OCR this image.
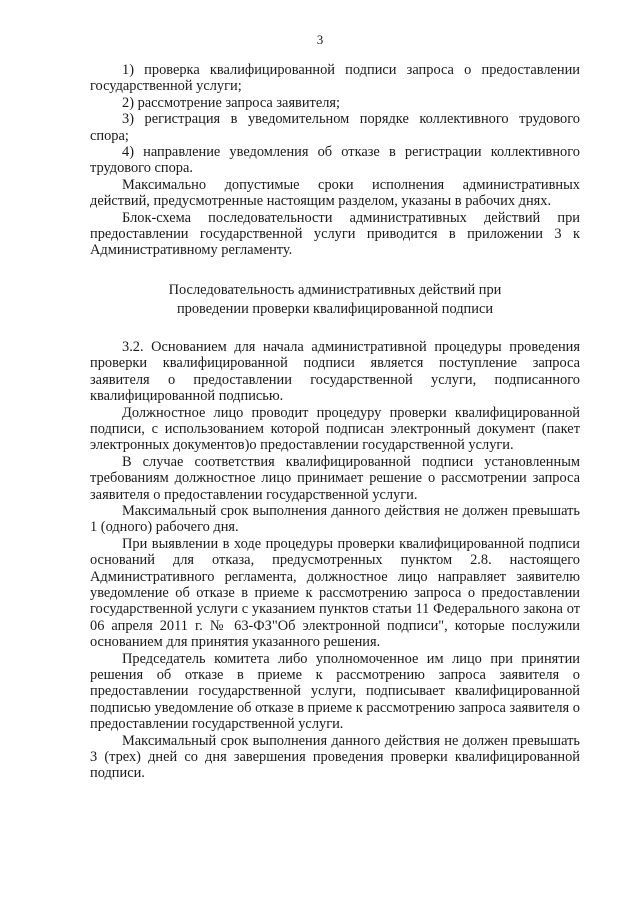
3

1) проверка квалифицированной подписи запроса о предоставлении государственной услуги;

2) рассмотрение запроса заявителя;

3) регистрация в уведомительном порядке коллективного трудового спора;

4) направление уведомления об отказе в регистрации коллективного трудового спора.

Максимально допустимые сроки исполнения административных действий, предусмотренные настоящим разделом, указаны в рабочих днях.

Блок-схема последовательности административных действий при предоставлении государственной услуги приводится в приложении 3 к Административному регламенту.

Последовательность административных действий при
проведении проверки квалифицированной подписи

3.2. Основанием для начала административной процедуры проведения проверки квалифицированной подписи является поступление запроса заявителя о предоставлении государственной услуги, подписанного квалифицированной подписью.

Должностное лицо проводит процедуру проверки квалифицированной подписи, с использованием которой подписан электронный документ (пакет электронных документов)о предоставлении государственной услуги.

В случае соответствия квалифицированной подписи установленным требованиям должностное лицо принимает решение о рассмотрении запроса заявителя о предоставлении государственной услуги.

Максимальный срок выполнения данного действия не должен превышать 1 (одного) рабочего дня.

При выявлении в ходе процедуры проверки квалифицированной подписи оснований для отказа, предусмотренных пунктом 2.8. настоящего Административного регламента, должностное лицо направляет заявителю уведомление об отказе в приеме к рассмотрению запроса о предоставлении государственной услуги с указанием пунктов статьи 11 Федерального закона от 06 апреля 2011 г. № 63-ФЗ"Об электронной подписи", которые послужили основанием для принятия указанного решения.

Председатель комитета либо уполномоченное им лицо при принятии решения об отказе в приеме к рассмотрению запроса заявителя о предоставлении государственной услуги, подписывает квалифицированной подписью уведомление об отказе в приеме к рассмотрению запроса заявителя о предоставлении государственной услуги.

Максимальный срок выполнения данного действия не должен превышать 3 (трех) дней со дня завершения проведения проверки квалифицированной подписи.
